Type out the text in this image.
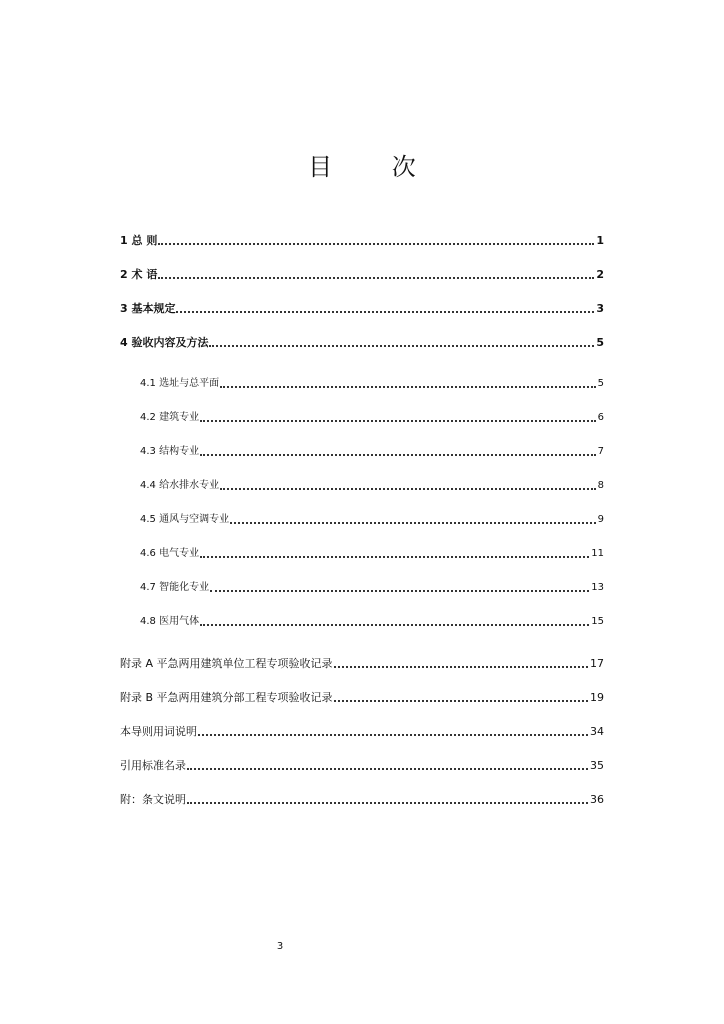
目 次
1 总 则	1
2 术 语	2
3 基本规定	3
4 验收内容及方法	5
4.1 选址与总平面	5
4.2 建筑专业	6
4.3 结构专业	7
4.4 给水排水专业	8
4.5 通风与空调专业	9
4.6 电气专业	11
4.7 智能化专业	13
4.8 医用气体	15
附录 A 平急两用建筑单位工程专项验收记录	17
附录 B 平急两用建筑分部工程专项验收记录	19
本导则用词说明	34
引用标准名录	35
附：条文说明	36
3
